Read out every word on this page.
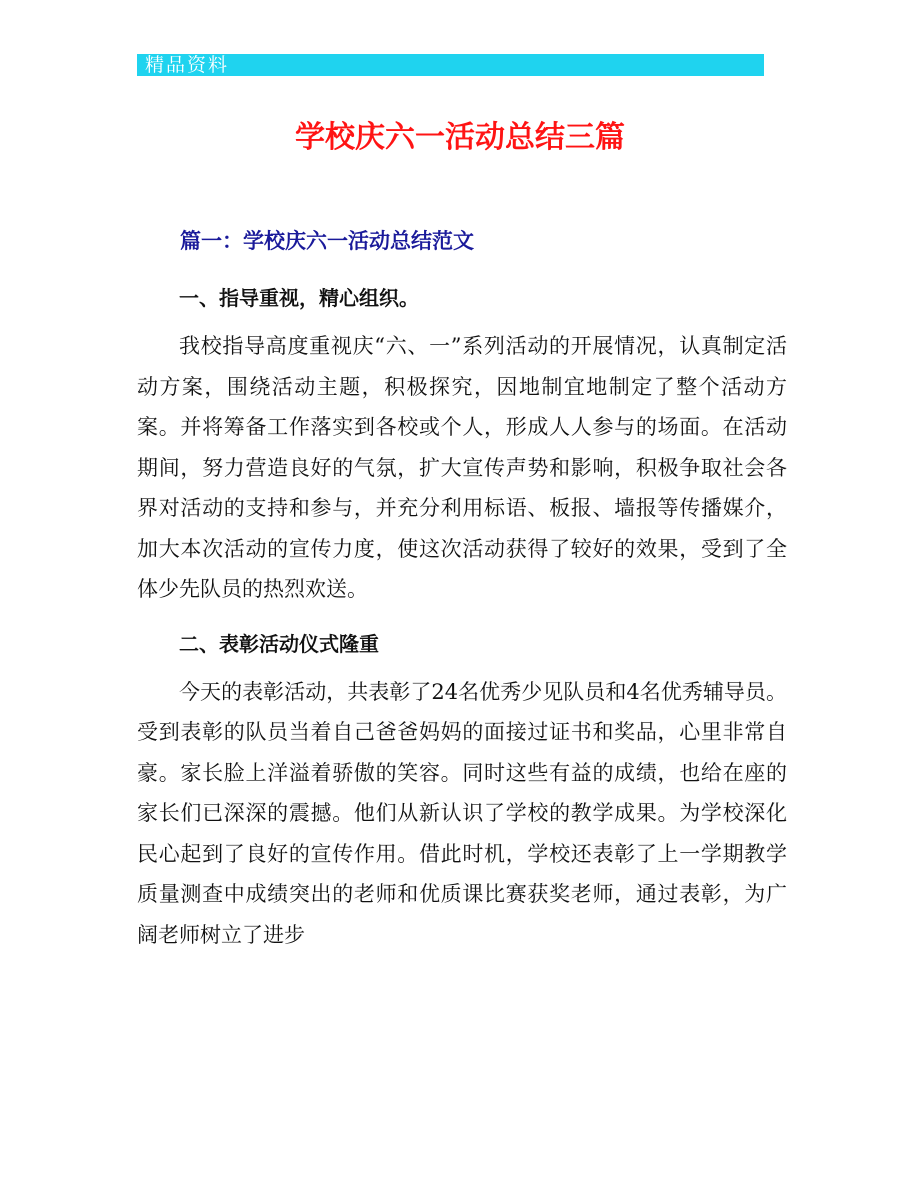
精品资料
学校庆六一活动总结三篇
篇一：学校庆六一活动总结范文
一、指导重视，精心组织。

我校指导高度重视庆“六、一”系列活动的开展情况，认真制定活动方案，围绕活动主题，积极探究，因地制宜地制定了整个活动方案。并将筹备工作落实到各校或个人，形成人人参与的场面。在活动期间，努力营造良好的气氛，扩大宣传声势和影响，积极争取社会各界对活动的支持和参与，并充分利用标语、板报、墙报等传播媒介，加大本次活动的宣传力度，使这次活动获得了较好的效果，受到了全体少先队员的热烈欢送。

二、表彰活动仪式隆重

今天的表彰活动，共表彰了24名优秀少见队员和4名优秀辅导员。受到表彰的队员当着自己爸爸妈妈的面接过证书和奖品，心里非常自豪。家长脸上洋溢着骄傲的笑容。同时这些有益的成绩，也给在座的家长们已深深的震撼。他们从新认识了学校的教学成果。为学校深化民心起到了良好的宣传作用。借此时机，学校还表彰了上一学期教学质量测查中成绩突出的老师和优质课比赛获奖老师，通过表彰，为广阔老师树立了进步
